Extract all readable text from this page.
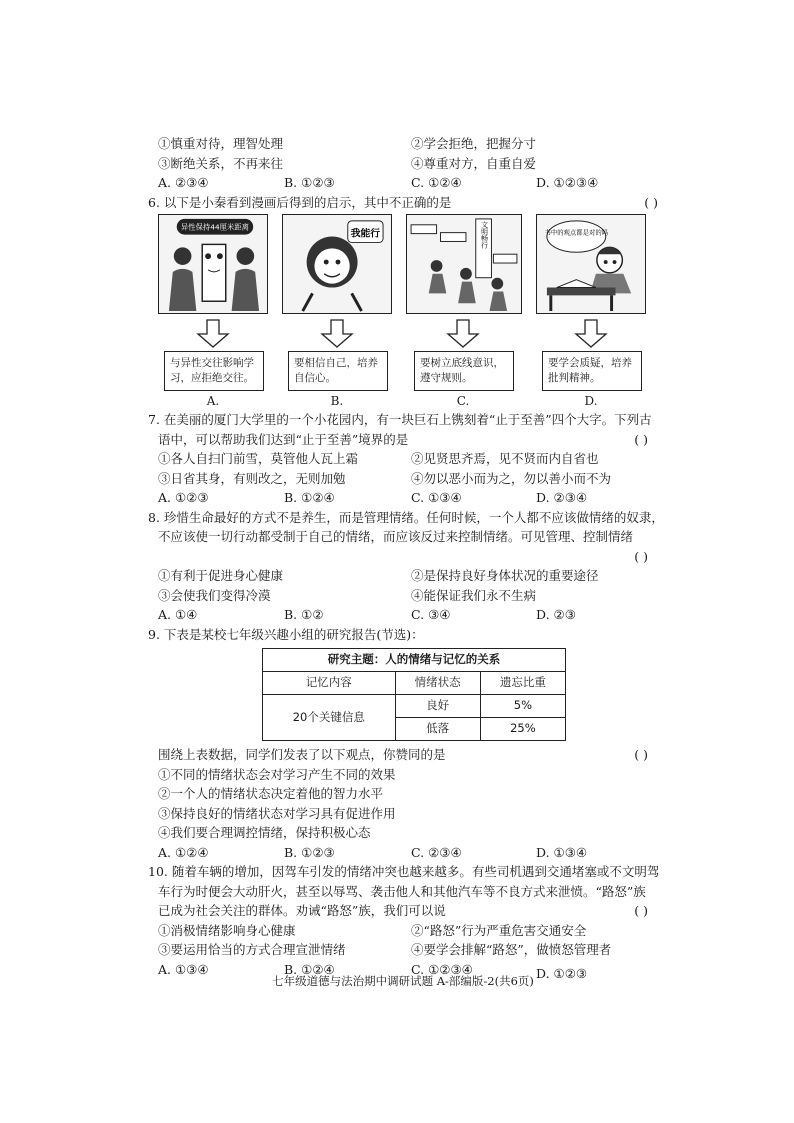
①慎重对待，理智处理	②学会拒绝，把握分寸
③断绝关系，不再来往	④尊重对方，自重自爱
A. ②③④	B. ①②③	C. ①②④	D. ①②③④
6. 以下是小秦看到漫画后得到的启示，其中不正确的是	( )
异性保持44厘米距离
与异性交往影响学习，应拒绝交往。
A.
我能行
要相信自己，培养自信心。
B.
文明畅行
要树立底线意识，遵守规则。
C.
书中的观点都是对的吗
要学会质疑，培养批判精神。
D.
7. 在美丽的厦门大学里的一个小花园内，有一块巨石上镌刻着“止于至善”四个大字。下列古
语中，可以帮助我们达到“止于至善”境界的是	( )
①各人自扫门前雪，莫管他人瓦上霜	②见贤思齐焉，见不贤而内自省也
③日省其身，有则改之，无则加勉	④勿以恶小而为之，勿以善小而不为
A. ①②③	B. ①②④	C. ①③④	D. ②③④
8. 珍惜生命最好的方式不是养生，而是管理情绪。任何时候，一个人都不应该做情绪的奴隶，
不应该使一切行动都受制于自己的情绪，而应该反过来控制情绪。可见管理、控制情绪
( )
①有利于促进身心健康	②是保持良好身体状况的重要途径
③会使我们变得冷漠	④能保证我们永不生病
A. ①④	B. ①②	C. ③④	D. ②③
9. 下表是某校七年级兴趣小组的研究报告(节选)：
研究主题：人的情绪与记忆的关系		
记忆内容	情绪状态	遗忘比重
20个关键信息	良好	5%
	低落	25%
围绕上表数据，同学们发表了以下观点，你赞同的是	( )
①不同的情绪状态会对学习产生不同的效果
②一个人的情绪状态决定着他的智力水平
③保持良好的情绪状态对学习具有促进作用
④我们要合理调控情绪，保持积极心态
A. ①②④	B. ①②③	C. ②③④	D. ①③④
10. 随着车辆的增加，因驾车引发的情绪冲突也越来越多。有些司机遇到交通堵塞或不文明驾
车行为时便会大动肝火，甚至以辱骂、袭击他人和其他汽车等不良方式来泄愤。“路怒”族
已成为社会关注的群体。劝诫“路怒”族，我们可以说	( )
①消极情绪影响身心健康	②“路怒”行为严重危害交通安全
③要运用恰当的方式合理宣泄情绪	④要学会排解“路怒”，做愤怒管理者
A. ①③④	B. ①②④	C. ①②③④	D. ①②③
七年级道德与法治期中调研试题 A-部编版-2(共6页)
